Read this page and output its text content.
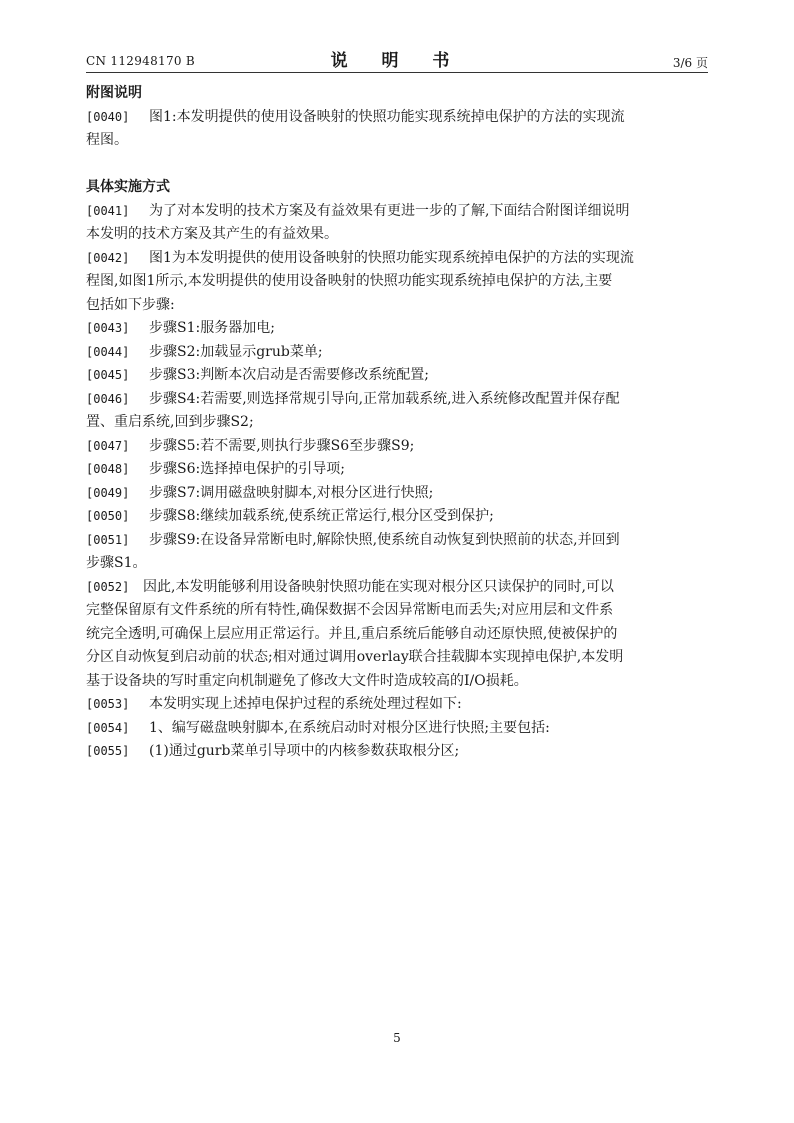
CN 112948170 B	说 明 书	3/6 页
附图说明
[0040] 图1:本发明提供的使用设备映射的快照功能实现系统掉电保护的方法的实现流
程图。
具体实施方式
[0041] 为了对本发明的技术方案及有益效果有更进一步的了解,下面结合附图详细说明
本发明的技术方案及其产生的有益效果。
[0042] 图1为本发明提供的使用设备映射的快照功能实现系统掉电保护的方法的实现流
程图,如图1所示,本发明提供的使用设备映射的快照功能实现系统掉电保护的方法,主要
包括如下步骤:
[0043] 步骤S1:服务器加电;
[0044] 步骤S2:加载显示grub菜单;
[0045] 步骤S3:判断本次启动是否需要修改系统配置;
[0046] 步骤S4:若需要,则选择常规引导向,正常加载系统,进入系统修改配置并保存配
置、重启系统,回到步骤S2;
[0047] 步骤S5:若不需要,则执行步骤S6至步骤S9;
[0048] 步骤S6:选择掉电保护的引导项;
[0049] 步骤S7:调用磁盘映射脚本,对根分区进行快照;
[0050] 步骤S8:继续加载系统,使系统正常运行,根分区受到保护;
[0051] 步骤S9:在设备异常断电时,解除快照,使系统自动恢复到快照前的状态,并回到
步骤S1。
[0052] 因此,本发明能够利用设备映射快照功能在实现对根分区只读保护的同时,可以
完整保留原有文件系统的所有特性,确保数据不会因异常断电而丢失;对应用层和文件系
统完全透明,可确保上层应用正常运行。并且,重启系统后能够自动还原快照,使被保护的
分区自动恢复到启动前的状态;相对通过调用overlay联合挂载脚本实现掉电保护,本发明
基于设备块的写时重定向机制避免了修改大文件时造成较高的I/O损耗。
[0053] 本发明实现上述掉电保护过程的系统处理过程如下:
[0054] 1、编写磁盘映射脚本,在系统启动时对根分区进行快照;主要包括:
[0055] (1)通过gurb菜单引导项中的内核参数获取根分区;
5
